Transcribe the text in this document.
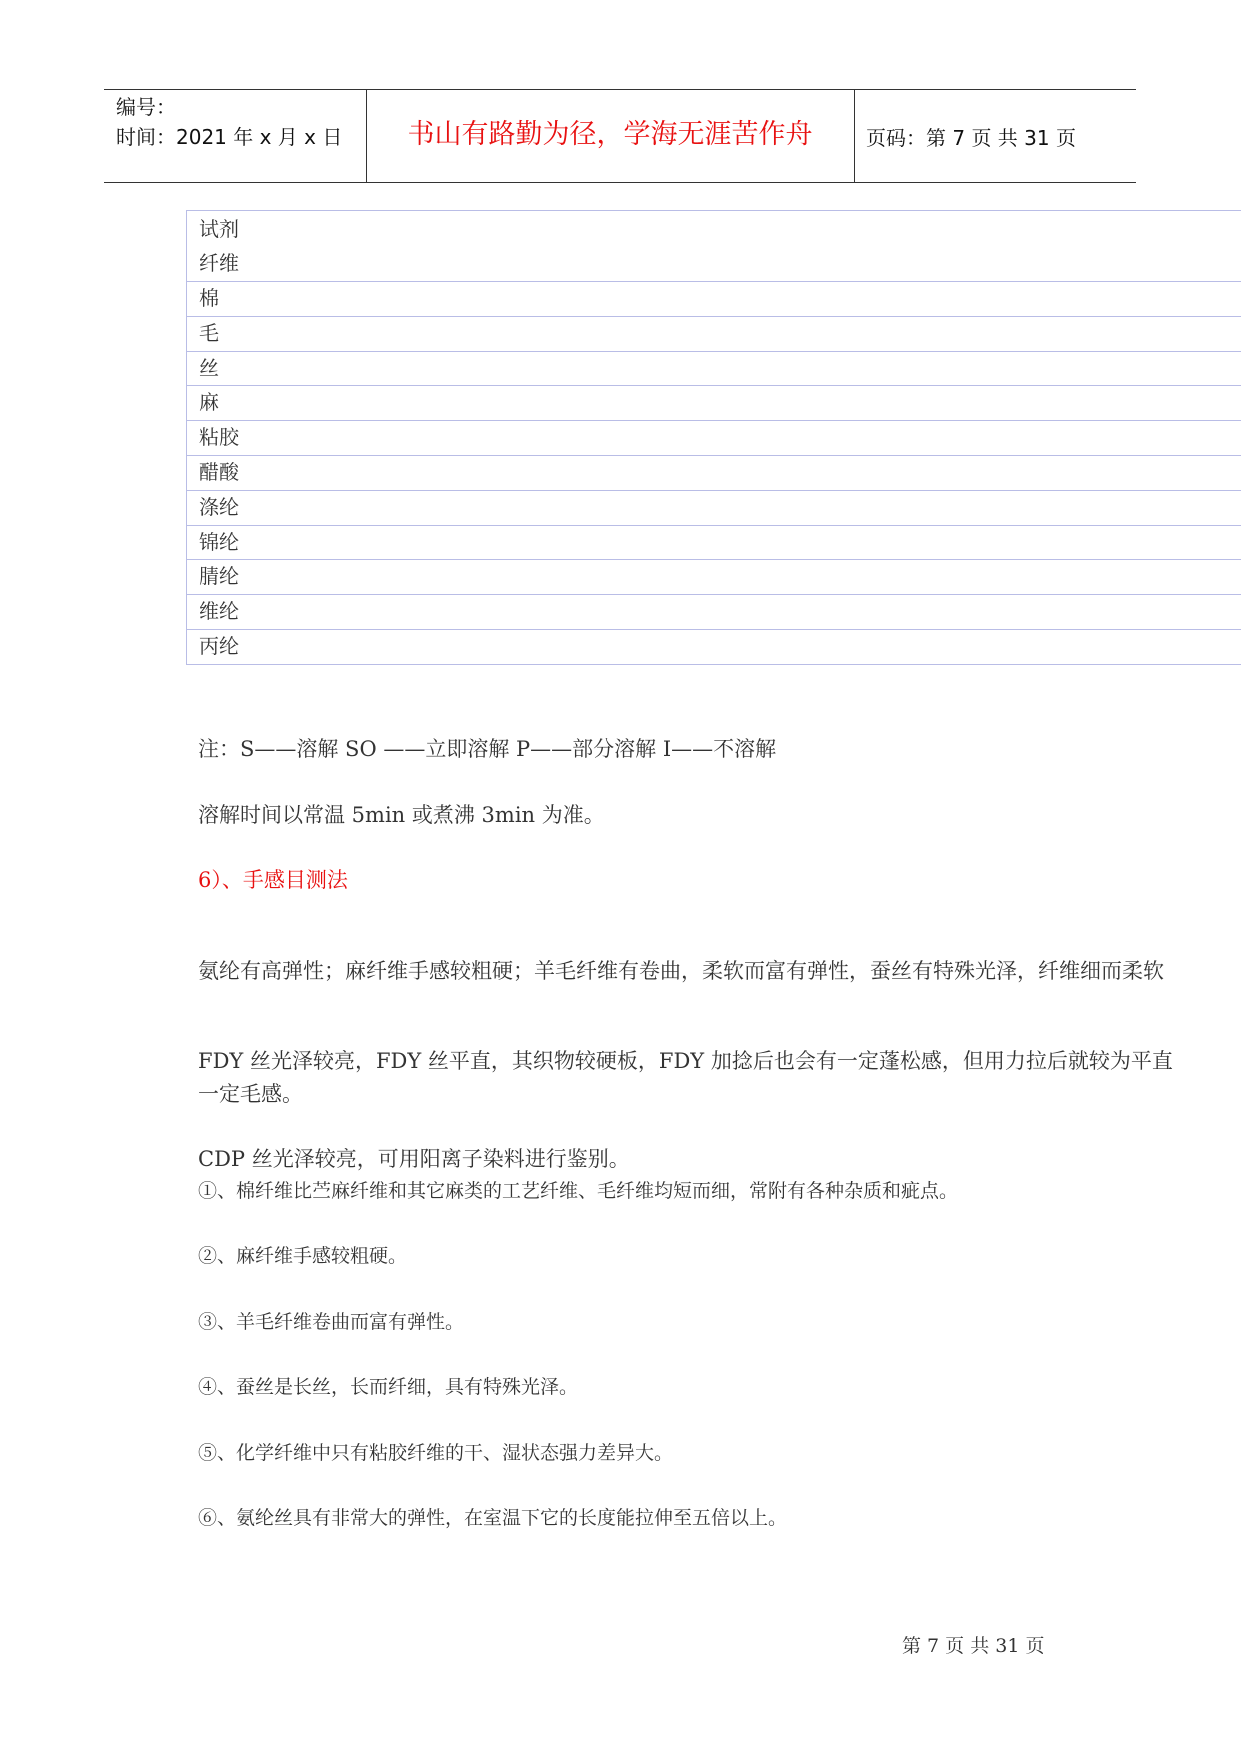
编号：
时间：2021 年 x 月 x 日	书山有路勤为径，学海无涯苦作舟	页码：第 7 页 共 31 页
试剂
纤维
棉
毛
丝
麻
粘胶
醋酸
涤纶
锦纶
腈纶
维纶
丙纶
注：S——溶解 SO ——立即溶解 P——部分溶解 I——不溶解
溶解时间以常温 5min 或煮沸 3min 为准。
6）、手感目测法
氨纶有高弹性；麻纤维手感较粗硬；羊毛纤维有卷曲，柔软而富有弹性，蚕丝有特殊光泽，纤维细而柔软
FDY 丝光泽较亮，FDY 丝平直，其织物较硬板，FDY 加捻后也会有一定蓬松感，但用力拉后就较为平直
一定毛感。
CDP 丝光泽较亮，可用阳离子染料进行鉴别。
①、棉纤维比苎麻纤维和其它麻类的工艺纤维、毛纤维均短而细，常附有各种杂质和疵点。
②、麻纤维手感较粗硬。
③、羊毛纤维卷曲而富有弹性。
④、蚕丝是长丝，长而纤细，具有特殊光泽。
⑤、化学纤维中只有粘胶纤维的干、湿状态强力差异大。
⑥、氨纶丝具有非常大的弹性，在室温下它的长度能拉伸至五倍以上。
第 7 页 共 31 页
